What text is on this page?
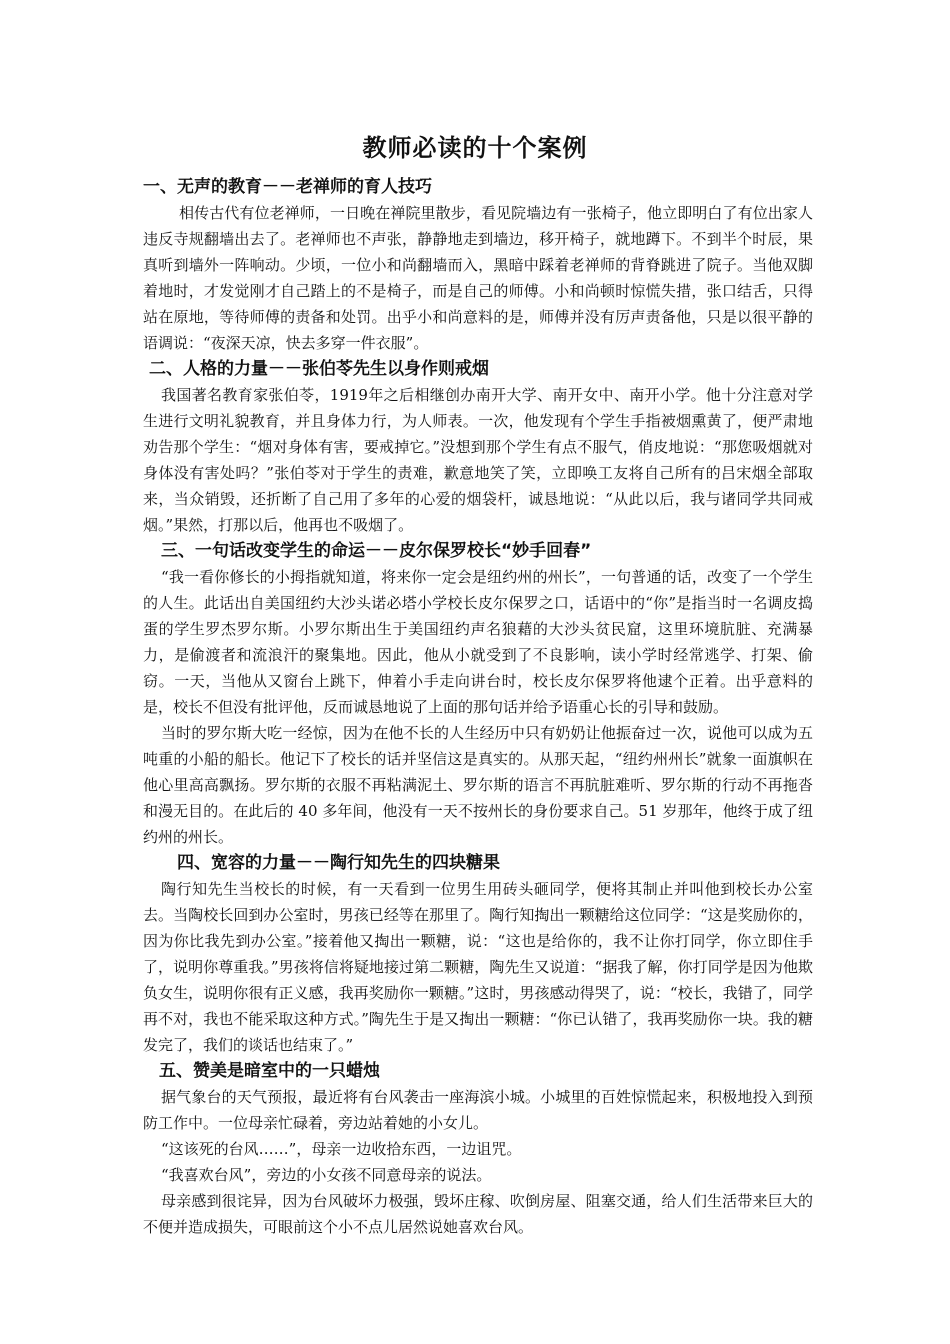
教师必读的十个案例
一、无声的教育－－老禅师的育人技巧

相传古代有位老禅师，一日晚在禅院里散步，看见院墙边有一张椅子，他立即明白了有位出家人违反寺规翻墙出去了。老禅师也不声张，静静地走到墙边，移开椅子，就地蹲下。不到半个时辰，果真听到墙外一阵响动。少顷，一位小和尚翻墙而入，黑暗中踩着老禅师的背脊跳进了院子。当他双脚着地时，才发觉刚才自己踏上的不是椅子，而是自己的师傅。小和尚顿时惊慌失措，张口结舌，只得站在原地，等待师傅的责备和处罚。出乎小和尚意料的是，师傅并没有厉声责备他，只是以很平静的语调说：“夜深天凉，快去多穿一件衣服”。

二、人格的力量－－张伯苓先生以身作则戒烟

我国著名教育家张伯苓，1919年之后相继创办南开大学、南开女中、南开小学。他十分注意对学生进行文明礼貌教育，并且身体力行，为人师表。一次，他发现有个学生手指被烟熏黄了，便严肃地劝告那个学生：“烟对身体有害，要戒掉它。”没想到那个学生有点不服气，俏皮地说：“那您吸烟就对身体没有害处吗？”张伯苓对于学生的责难，歉意地笑了笑，立即唤工友将自己所有的吕宋烟全部取来，当众销毁，还折断了自己用了多年的心爱的烟袋杆，诚恳地说：“从此以后，我与诸同学共同戒烟。”果然，打那以后，他再也不吸烟了。

三、一句话改变学生的命运－－皮尔保罗校长“妙手回春”

“我一看你修长的小拇指就知道，将来你一定会是纽约州的州长”，一句普通的话，改变了一个学生的人生。此话出自美国纽约大沙头诺必塔小学校长皮尔保罗之口，话语中的“你”是指当时一名调皮捣蛋的学生罗杰罗尔斯。小罗尔斯出生于美国纽约声名狼藉的大沙头贫民窟，这里环境肮脏、充满暴力，是偷渡者和流浪汗的聚集地。因此，他从小就受到了不良影响，读小学时经常逃学、打架、偷窃。一天，当他从又窗台上跳下，伸着小手走向讲台时，校长皮尔保罗将他逮个正着。出乎意料的是，校长不但没有批评他，反而诚恳地说了上面的那句话并给予语重心长的引导和鼓励。

当时的罗尔斯大吃一经惊，因为在他不长的人生经历中只有奶奶让他振奋过一次，说他可以成为五吨重的小船的船长。他记下了校长的话并坚信这是真实的。从那天起，“纽约州州长”就象一面旗帜在他心里高高飘扬。罗尔斯的衣服不再粘满泥土、罗尔斯的语言不再肮脏难听、罗尔斯的行动不再拖沓和漫无目的。在此后的 40 多年间，他没有一天不按州长的身份要求自己。51 岁那年，他终于成了纽约州的州长。

四、宽容的力量－－陶行知先生的四块糖果

陶行知先生当校长的时候，有一天看到一位男生用砖头砸同学，便将其制止并叫他到校长办公室去。当陶校长回到办公室时，男孩已经等在那里了。陶行知掏出一颗糖给这位同学：“这是奖励你的，因为你比我先到办公室。”接着他又掏出一颗糖，说：“这也是给你的，我不让你打同学，你立即住手了，说明你尊重我。”男孩将信将疑地接过第二颗糖，陶先生又说道：“据我了解，你打同学是因为他欺负女生，说明你很有正义感，我再奖励你一颗糖。”这时，男孩感动得哭了，说：“校长，我错了，同学再不对，我也不能采取这种方式。”陶先生于是又掏出一颗糖：“你已认错了，我再奖励你一块。我的糖发完了，我们的谈话也结束了。”

五、赞美是暗室中的一只蜡烛

据气象台的天气预报，最近将有台风袭击一座海滨小城。小城里的百姓惊慌起来，积极地投入到预防工作中。一位母亲忙碌着，旁边站着她的小女儿。

“这该死的台风……”，母亲一边收拾东西，一边诅咒。

“我喜欢台风”，旁边的小女孩不同意母亲的说法。

母亲感到很诧异，因为台风破坏力极强，毁坏庄稼、吹倒房屋、阻塞交通，给人们生活带来巨大的不便并造成损失，可眼前这个小不点儿居然说她喜欢台风。
